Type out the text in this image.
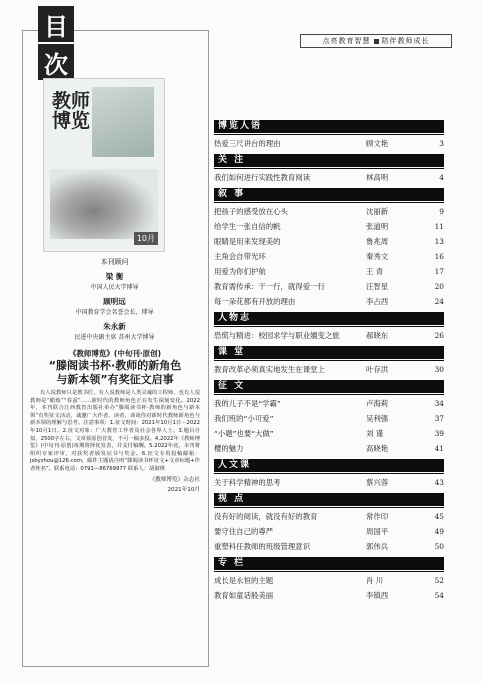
点亮教育智慧 陪伴教师成长
目
次
教师博览
10月
本刊顾问
梁 衡
中国人民大学博导
顾明远
中国教育学会名誉会长、博导
朱永新
民进中央副主席 苏州大学博导
《教师博览》(中旬刊·原创)
“滕阁读书杯·教师的新角色
与新本领”有奖征文启事
有人说教师只是教书匠，有人说教师是人类灵魂的工程师，也有人说教师是“蜡烛”“春蚕”……新时代的教师角色正在发生深刻变化。2022年，本刊联合江西教育出版社举办“滕阁读书杯·教师的新角色与新本领”有奖征文活动，诚邀广大作者、读者，谈谈你对新时代教师新角色与新本领的理解与思考。注意事项：1.征文时间：2021年10月1日－2022年10月1日。2.征文对象：广大教育工作者及社会各界人士。3.题目自拟，2500字左右，文章须原创首发，不可一稿多投。4.2022年《教师博览》(中旬刊·原创)每期将择优发表，并支付稿酬。5.2022年底，本刊将组织专家评审，对获奖者颁发证书与奖金。6.征文专用投稿邮箱：jsbyzhou@126.com，邮件主题请注明“滕阁读书杯征文+文章标题+作者姓名”。联系电话：0791—86769977 联系人：胡淑瑛
《教师博览》杂志社
2021年10月
博览人语
热爱三尺讲台的理由	顾文艳	3
关 注
我们如何进行实践性教育阅读	林高明	4
叙 事
把孩子的感受放在心头	沈丽新	9
给学生一张自信的帆	张道明	11
眼睛是用来发现美的	鲁兆周	13
主角会自带光环	秦秀文	16
用爱为你们护航	王 青	17
教育需传承：干一行，就得爱一行	汪智星	20
每一朵花都有开放的理由	李占西	24
人物志
恐慌与精进：校园求学与职业嬗变之旅	郝晓东	26
课 堂
教育改革必须真实地发生在课堂上	叶存洪	30
征 文
我的儿子不是“学霸”	卢海莉	34
我们班的“小可爱”	吴利强	37
“小题”也要“大做”	刘 谨	39
樱的魅力	高晓艳	41
人文课
关于科学精神的思考	蔡兴蓉	43
视 点
没有好的阅读，就没有好的教育	常作印	45
要守住自己的尊严	周国平	49
重塑科任教师的班级管理意识	郭伟兵	50
专 栏
成长是永恒的主题	肖 川	52
教育如童话般美丽	李镇西	54
